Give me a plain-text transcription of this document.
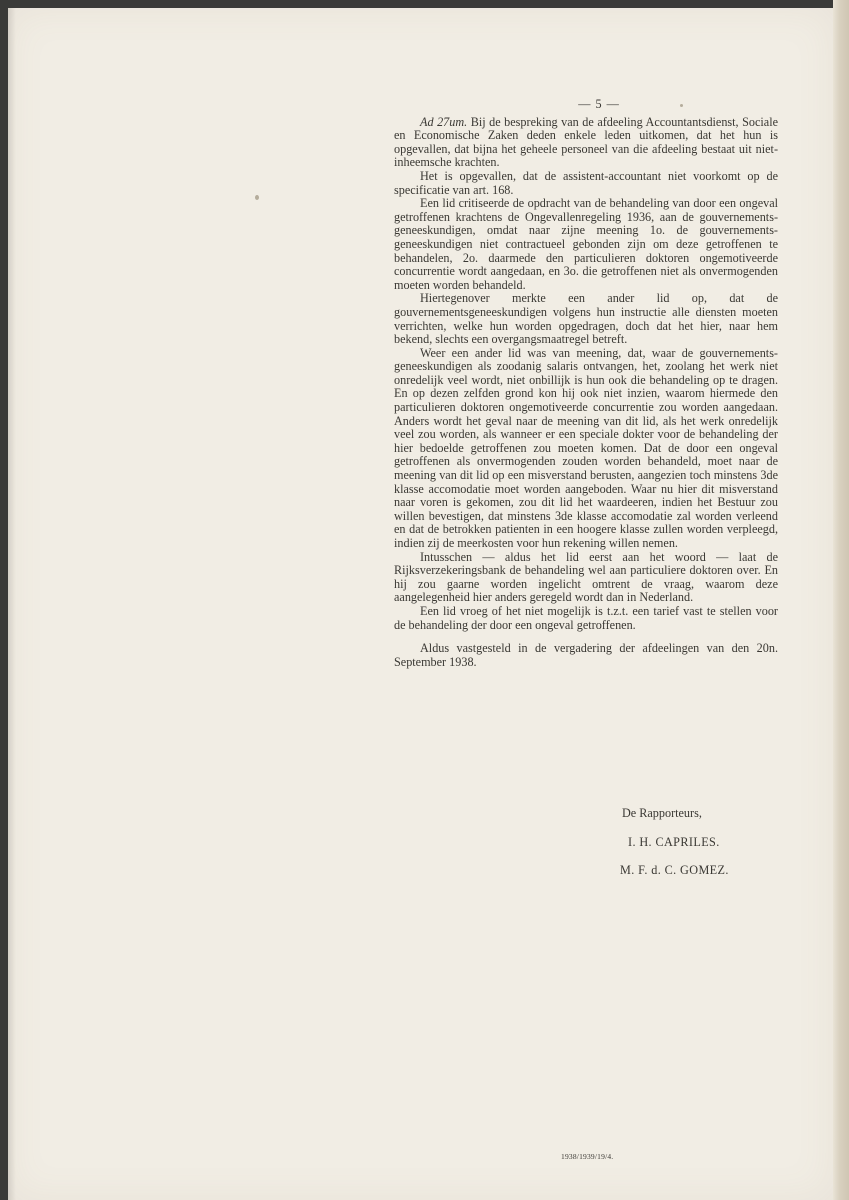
— 5 —

Ad 27um. Bij de bespreking van de afdeeling Accountantsdienst, Sociale en Economische Zaken deden enkele leden uitkomen, dat het hun is opgevallen, dat bijna het geheele personeel van die afdeeling bestaat uit niet-inheemsche krachten.

Het is opgevallen, dat de assistent-accountant niet voorkomt op de specificatie van art. 168.

Een lid critiseerde de opdracht van de behandeling van door een ongeval getroffenen krachtens de Ongevallenregeling 1936, aan de gouvernements-geneeskundigen, omdat naar zijne meening 1o. de gouvernements-geneeskundigen niet contractueel gebonden zijn om deze getroffenen te behandelen, 2o. daarmede den particulieren doktoren ongemotiveerde concurrentie wordt aangedaan, en 3o. die getroffenen niet als onvermogenden moeten worden behandeld.

Hiertegenover merkte een ander lid op, dat de gouvernementsgeneeskundigen volgens hun instructie alle diensten moeten verrichten, welke hun worden opgedragen, doch dat het hier, naar hem bekend, slechts een overgangsmaatregel betreft.

Weer een ander lid was van meening, dat, waar de gouvernements-geneeskundigen als zoodanig salaris ontvangen, het, zoolang het werk niet onredelijk veel wordt, niet onbillijk is hun ook die behandeling op te dragen. En op dezen zelfden grond kon hij ook niet inzien, waarom hiermede den particulieren doktoren ongemotiveerde concurrentie zou worden aangedaan. Anders wordt het geval naar de meening van dit lid, als het werk onredelijk veel zou worden, als wanneer er een speciale dokter voor de behandeling der hier bedoelde getroffenen zou moeten komen. Dat de door een ongeval getroffenen als onvermogenden zouden worden behandeld, moet naar de meening van dit lid op een misverstand berusten, aangezien toch minstens 3de klasse accomodatie moet worden aangeboden. Waar nu hier dit misverstand naar voren is gekomen, zou dit lid het waardeeren, indien het Bestuur zou willen bevestigen, dat minstens 3de klasse accomodatie zal worden verleend en dat de betrokken patienten in een hoogere klasse zullen worden verpleegd, indien zij de meerkosten voor hun rekening willen nemen.

Intusschen — aldus het lid eerst aan het woord — laat de Rijksverzekeringsbank de behandeling wel aan particuliere doktoren over. En hij zou gaarne worden ingelicht omtrent de vraag, waarom deze aangelegenheid hier anders geregeld wordt dan in Nederland.

Een lid vroeg of het niet mogelijk is t.z.t. een tarief vast te stellen voor de behandeling der door een ongeval getroffenen.

Aldus vastgesteld in de vergadering der afdeelingen van den 20n. September 1938.

De Rapporteurs,
I. H. CAPRILES.
M. F. d. C. GOMEZ.
1938/1939/19/4.
